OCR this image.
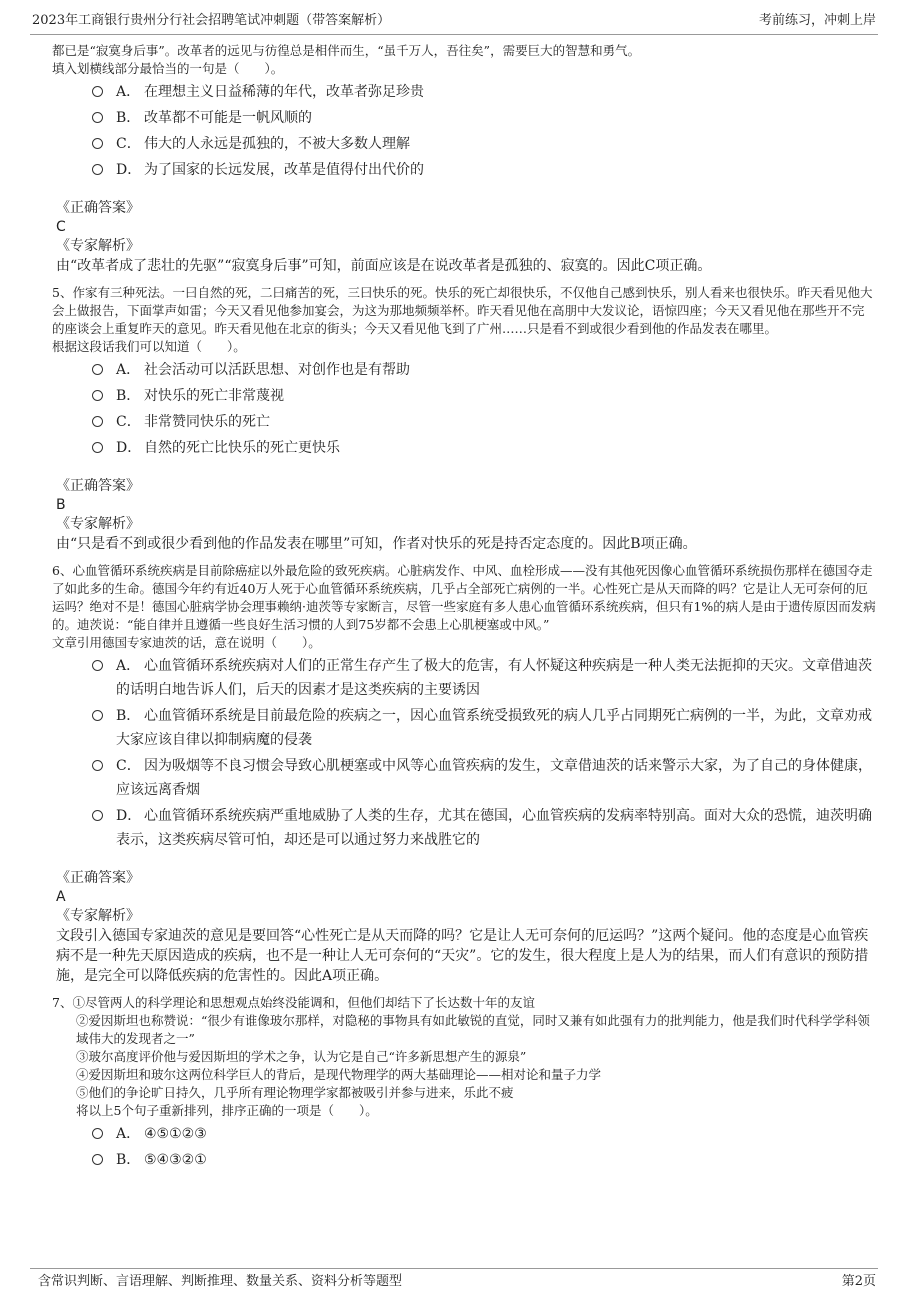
2023年工商银行贵州分行社会招聘笔试冲刺题（带答案解析）	考前练习，冲刺上岸

都已是“寂寞身后事”。改革者的远见与彷徨总是相伴而生，“虽千万人，吾往矣”，需要巨大的智慧和勇气。

填入划横线部分最恰当的一句是（　　）。

A． 在理想主义日益稀薄的年代，改革者弥足珍贵
B． 改革都不可能是一帆风顺的
C． 伟大的人永远是孤独的，不被大多数人理解
D． 为了国家的长远发展，改革是值得付出代价的

《正确答案》

C

《专家解析》

由“改革者成了悲壮的先驱”“寂寞身后事”可知，前面应该是在说改革者是孤独的、寂寞的。因此C项正确。

5、作家有三种死法。一曰自然的死，二曰痛苦的死，三曰快乐的死。快乐的死亡却很快乐，不仅他自己感到快乐，别人看来也很快乐。昨天看见他大会上做报告，下面掌声如雷；今天又看见他参加宴会，为这为那地频频举杯。昨天看见他在高朋中大发议论，语惊四座；今天又看见他在那些开不完的座谈会上重复昨天的意见。昨天看见他在北京的街头；今天又看见他飞到了广州……只是看不到或很少看到他的作品发表在哪里。

根据这段话我们可以知道（　　）。

A． 社会活动可以活跃思想、对创作也是有帮助
B． 对快乐的死亡非常蔑视
C． 非常赞同快乐的死亡
D． 自然的死亡比快乐的死亡更快乐

《正确答案》

B

《专家解析》

由“只是看不到或很少看到他的作品发表在哪里”可知，作者对快乐的死是持否定态度的。因此B项正确。

6、心血管循环系统疾病是目前除癌症以外最危险的致死疾病。心脏病发作、中风、血栓形成——没有其他死因像心血管循环系统损伤那样在德国夺走了如此多的生命。德国今年约有近40万人死于心血管循环系统疾病，几乎占全部死亡病例的一半。心性死亡是从天而降的吗？它是让人无可奈何的厄运吗？绝对不是！德国心脏病学协会理事赖纳·迪茨等专家断言，尽管一些家庭有多人患心血管循环系统疾病，但只有1%的病人是由于遗传原因而发病的。迪茨说：“能自律并且遵循一些良好生活习惯的人到75岁都不会患上心肌梗塞或中风。”

文章引用德国专家迪茨的话，意在说明（　　）。

A． 心血管循环系统疾病对人们的正常生存产生了极大的危害，有人怀疑这种疾病是一种人类无法扼抑的天灾。文章借迪茨的话明白地告诉人们，后天的因素才是这类疾病的主要诱因
B． 心血管循环系统是目前最危险的疾病之一，因心血管系统受损致死的病人几乎占同期死亡病例的一半，为此，文章劝戒大家应该自律以抑制病魔的侵袭
C． 因为吸烟等不良习惯会导致心肌梗塞或中风等心血管疾病的发生，文章借迪茨的话来警示大家，为了自己的身体健康，应该远离香烟
D． 心血管循环系统疾病严重地威胁了人类的生存，尤其在德国，心血管疾病的发病率特别高。面对大众的恐慌，迪茨明确表示，这类疾病尽管可怕，却还是可以通过努力来战胜它的

《正确答案》

A

《专家解析》

文段引入德国专家迪茨的意见是要回答“心性死亡是从天而降的吗？它是让人无可奈何的厄运吗？”这两个疑问。他的态度是心血管疾病不是一种先天原因造成的疾病，也不是一种让人无可奈何的“天灾”。它的发生，很大程度上是人为的结果，而人们有意识的预防措施，是完全可以降低疾病的危害性的。因此A项正确。

7、①尽管两人的科学理论和思想观点始终没能调和，但他们却结下了长达数十年的友谊

②爱因斯坦也称赞说：“很少有谁像玻尔那样，对隐秘的事物具有如此敏锐的直觉，同时又兼有如此强有力的批判能力，他是我们时代科学学科领域伟大的发现者之一”

③玻尔高度评价他与爱因斯坦的学术之争，认为它是自己“许多新思想产生的源泉”

④爱因斯坦和玻尔这两位科学巨人的背后，是现代物理学的两大基础理论——相对论和量子力学

⑤他们的争论旷日持久，几乎所有理论物理学家都被吸引并参与进来，乐此不疲

将以上5个句子重新排列，排序正确的一项是（　　）。

A． ④⑤①②③
B． ⑤④③②①
含常识判断、言语理解、判断推理、数量关系、资料分析等题型	第2页
